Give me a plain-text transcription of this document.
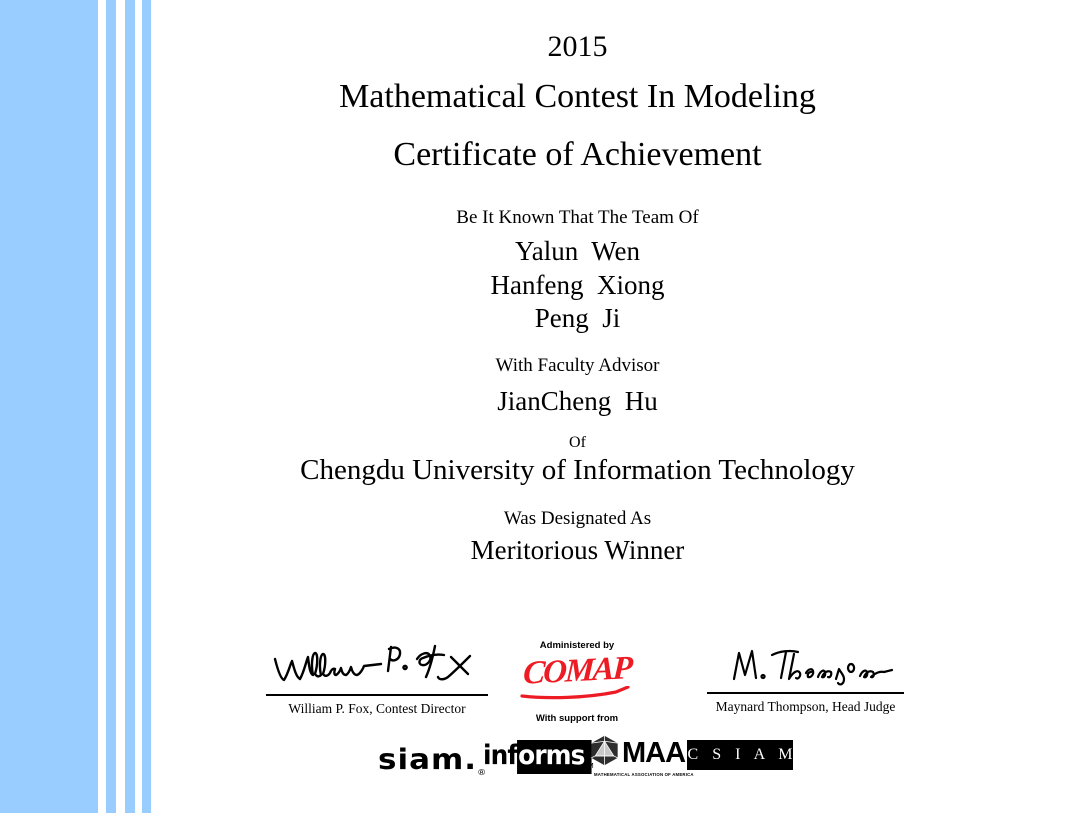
2015
Mathematical Contest In Modeling
Certificate of Achievement
Be It Known That The Team Of
Yalun  Wen
Hanfeng  Xiong
Peng  Ji
With Faculty Advisor
JianCheng  Hu
Of
Chengdu University of Information Technology
Was Designated As
Meritorious Winner
William P. Fox, Contest Director
Administered by
COMAP
With support from
Maynard Thompson, Head Judge
siam.®
inf orms TM MAA
MATHEMATICAL ASSOCIATION OF AMERICA
C S I A M
